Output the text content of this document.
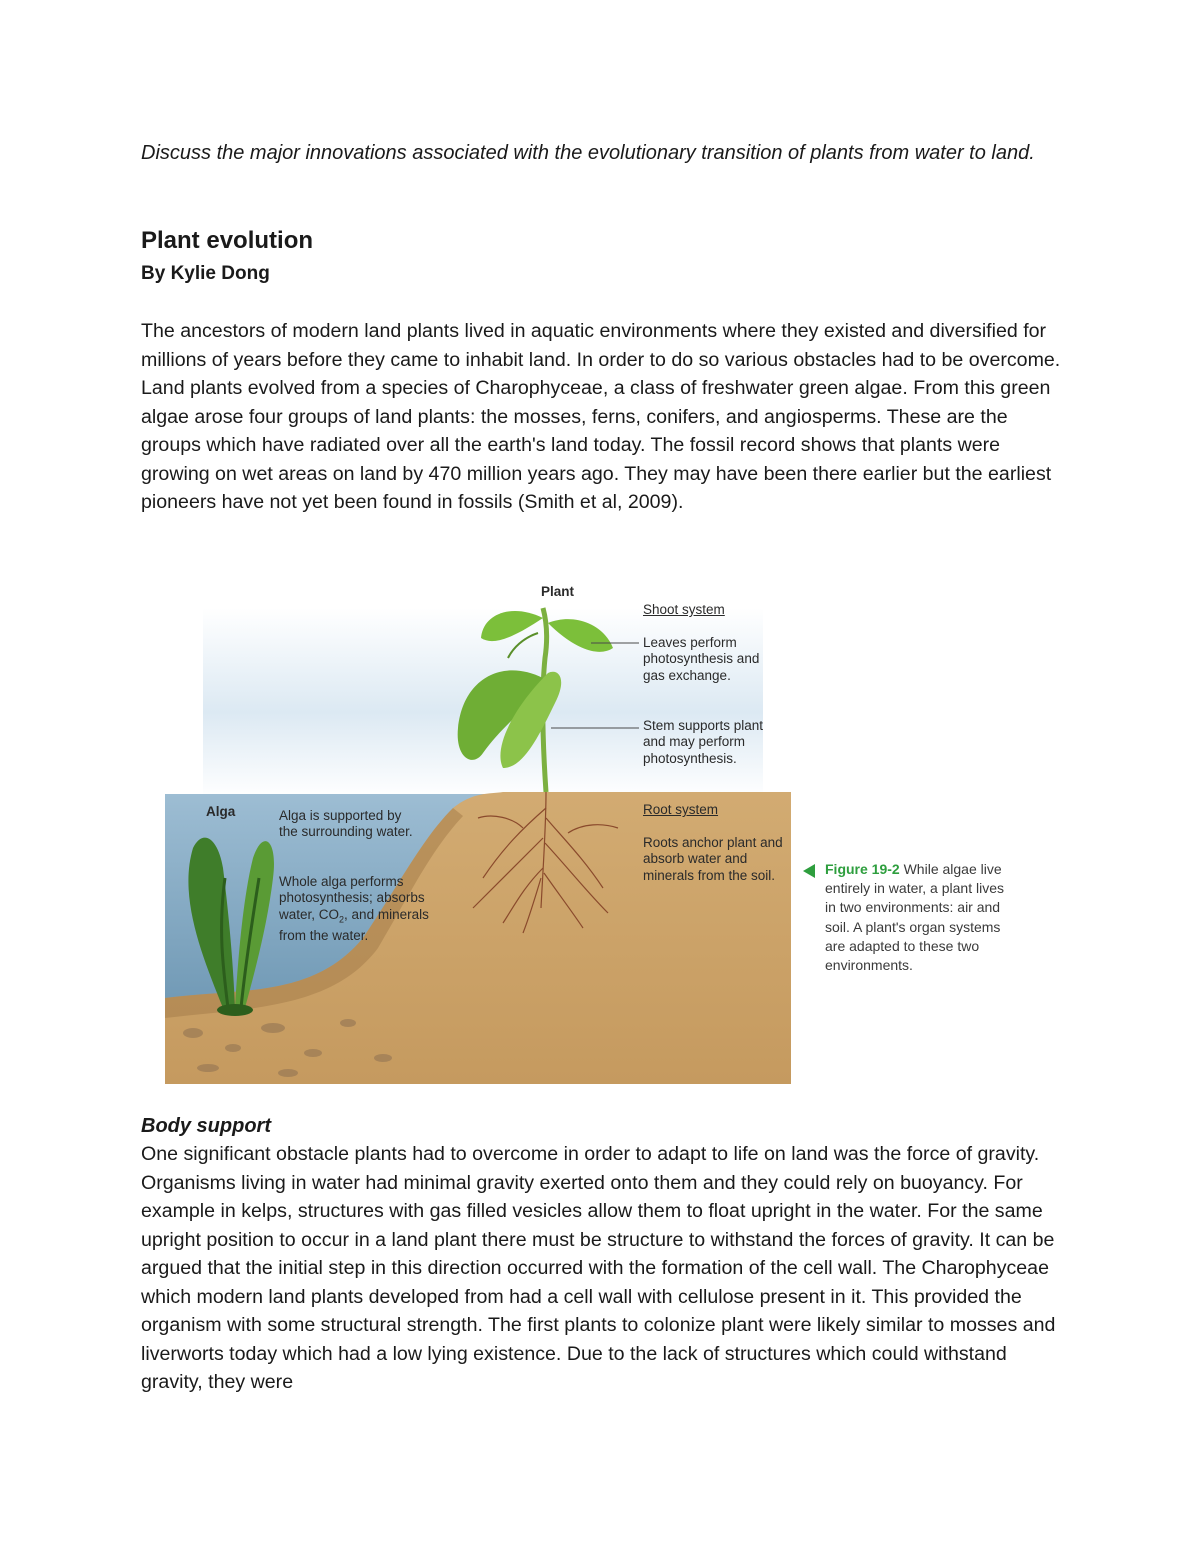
Discuss the major innovations associated with the evolutionary transition of plants from water to land.

Plant evolution

By Kylie Dong

The ancestors of modern land plants lived in aquatic environments where they existed and diversified for millions of years before they came to inhabit land. In order to do so various obstacles had to be overcome. Land plants evolved from a species of Charophyceae, a class of freshwater green algae. From this green algae arose four groups of land plants: the mosses, ferns, conifers, and angiosperms. These are the groups which have radiated over all the earth's land today. The fossil record shows that plants were growing on wet areas on land by 470 million years ago. They may have been there earlier but the earliest pioneers have not yet been found in fossils (Smith et al, 2009).

Plant

Alga

Shoot system

Leaves perform photosynthesis and gas exchange.

Stem supports plant and may perform photosynthesis.

Root system

Roots anchor plant and absorb water and minerals from the soil.

Alga is supported by the surrounding water.

Whole alga performs photosynthesis; absorbs water, $CO_2$, and minerals from the water.

Figure 19-2 While algae live entirely in water, a plant lives in two environments: air and soil. A plant's organ systems are adapted to these two environments.

Body support

One significant obstacle plants had to overcome in order to adapt to life on land was the force of gravity. Organisms living in water had minimal gravity exerted onto them and they could rely on buoyancy. For example in kelps, structures with gas filled vesicles allow them to float upright in the water. For the same upright position to occur in a land plant there must be structure to withstand the forces of gravity. It can be argued that the initial step in this direction occurred with the formation of the cell wall. The Charophyceae which modern land plants developed from had a cell wall with cellulose present in it. This provided the organism with some structural strength. The first plants to colonize plant were likely similar to mosses and liverworts today which had a low lying existence. Due to the lack of structures which could withstand gravity, they were
